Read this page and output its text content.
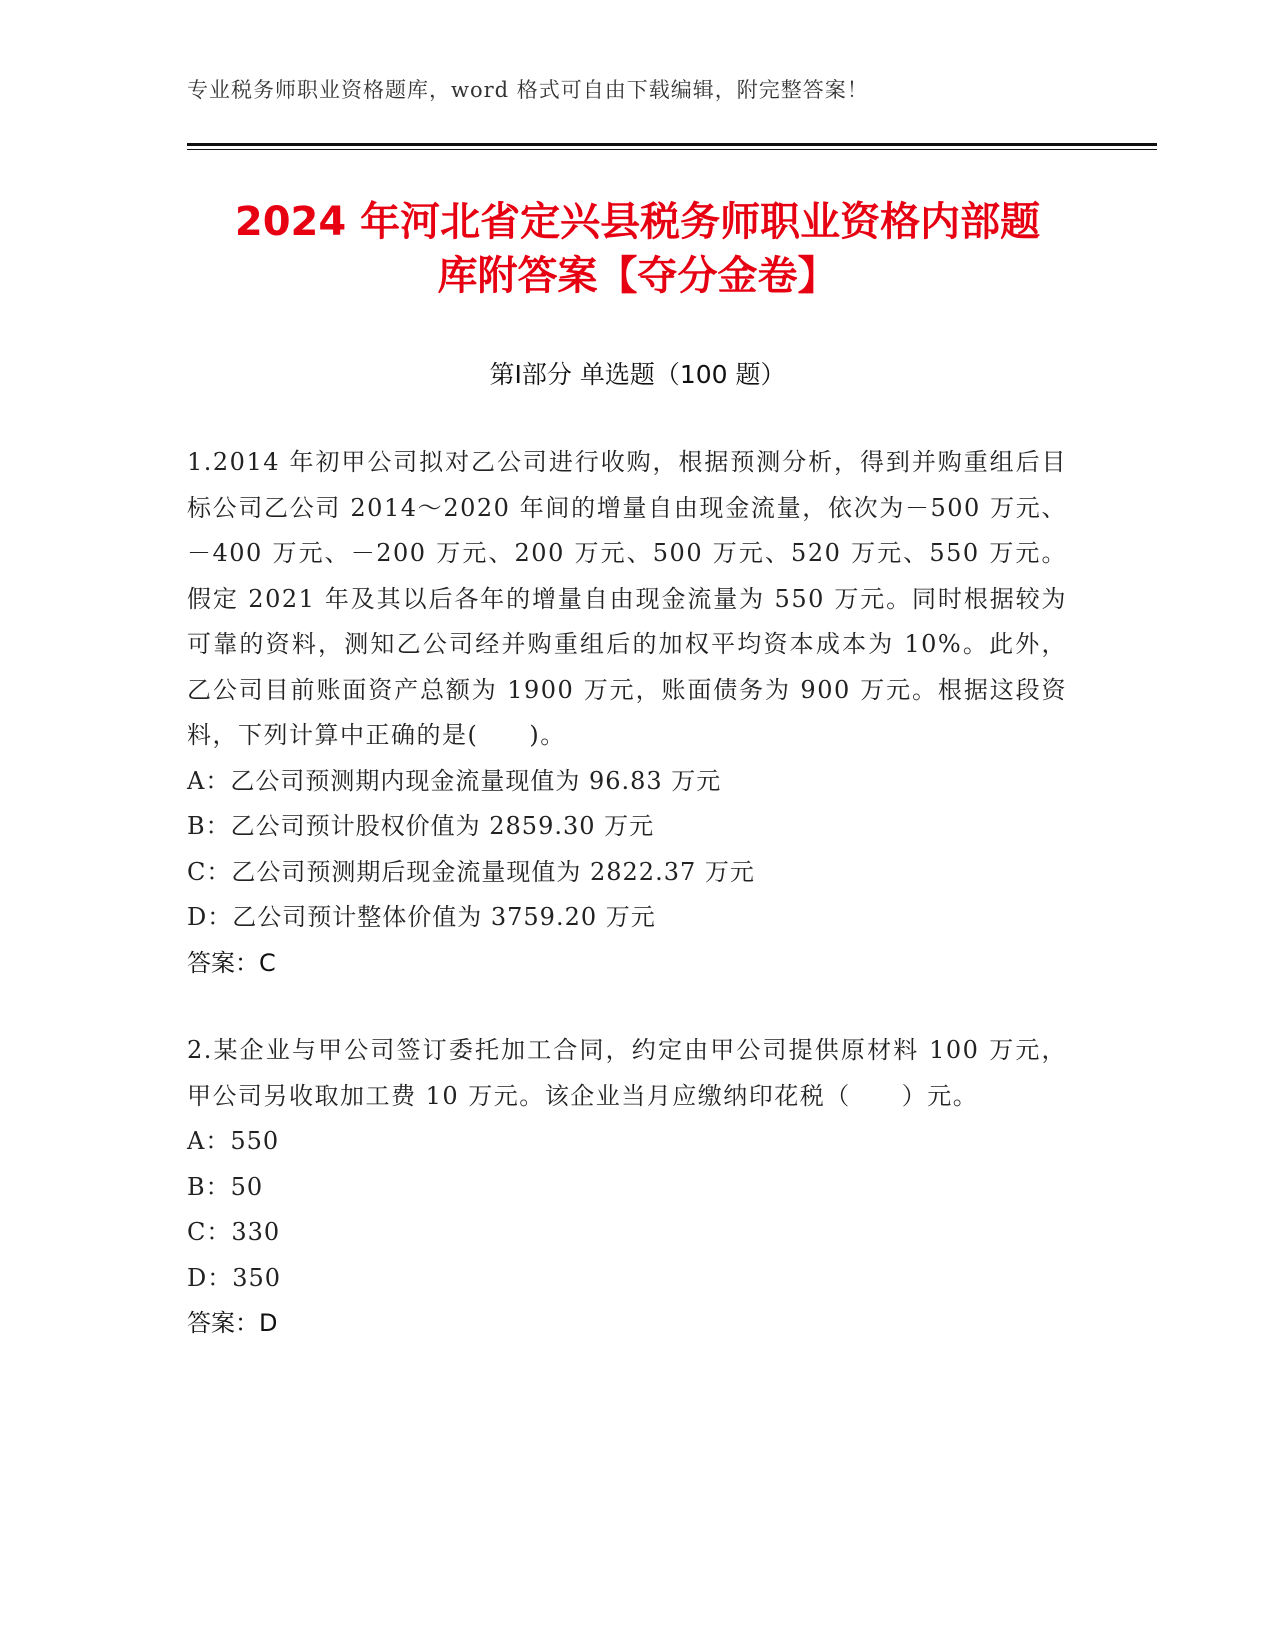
专业税务师职业资格题库，word 格式可自由下载编辑，附完整答案！
2024 年河北省定兴县税务师职业资格内部题
库附答案【夺分金卷】
第Ⅰ部分 单选题（100 题）
1.2014 年初甲公司拟对乙公司进行收购，根据预测分析，得到并购重组后目标公司乙公司 2014～2020 年间的增量自由现金流量，依次为－500 万元、－400 万元、－200 万元、200 万元、500 万元、520 万元、550 万元。假定 2021 年及其以后各年的增量自由现金流量为 550 万元。同时根据较为可靠的资料，测知乙公司经并购重组后的加权平均资本成本为 10%。此外，乙公司目前账面资产总额为 1900 万元，账面债务为 900 万元。根据这段资料，下列计算中正确的是(　　)。
A：乙公司预测期内现金流量现值为 96.83 万元
B：乙公司预计股权价值为 2859.30 万元
C：乙公司预测期后现金流量现值为 2822.37 万元
D：乙公司预计整体价值为 3759.20 万元
答案：C
2.某企业与甲公司签订委托加工合同，约定由甲公司提供原材料 100 万元，甲公司另收取加工费 10 万元。该企业当月应缴纳印花税（　　）元。
A：550
B：50
C：330
D：350
答案：D
